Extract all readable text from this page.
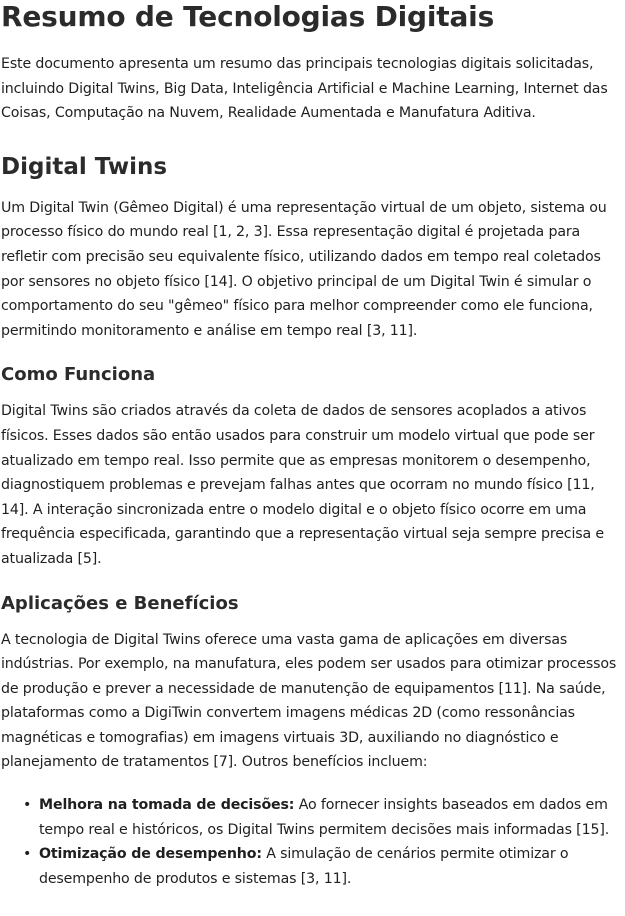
Resumo de Tecnologias Digitais

Este documento apresenta um resumo das principais tecnologias digitais solicitadas, incluindo Digital Twins, Big Data, Inteligência Artificial e Machine Learning, Internet das Coisas, Computação na Nuvem, Realidade Aumentada e Manufatura Aditiva.

Digital Twins

Um Digital Twin (Gêmeo Digital) é uma representação virtual de um objeto, sistema ou processo físico do mundo real [1, 2, 3]. Essa representação digital é projetada para refletir com precisão seu equivalente físico, utilizando dados em tempo real coletados por sensores no objeto físico [14]. O objetivo principal de um Digital Twin é simular o comportamento do seu "gêmeo" físico para melhor compreender como ele funciona, permitindo monitoramento e análise em tempo real [3, 11].

Como Funciona

Digital Twins são criados através da coleta de dados de sensores acoplados a ativos físicos. Esses dados são então usados para construir um modelo virtual que pode ser atualizado em tempo real. Isso permite que as empresas monitorem o desempenho, diagnostiquem problemas e prevejam falhas antes que ocorram no mundo físico [11, 14]. A interação sincronizada entre o modelo digital e o objeto físico ocorre em uma frequência especificada, garantindo que a representação virtual seja sempre precisa e atualizada [5].

Aplicações e Benefícios

A tecnologia de Digital Twins oferece uma vasta gama de aplicações em diversas indústrias. Por exemplo, na manufatura, eles podem ser usados para otimizar processos de produção e prever a necessidade de manutenção de equipamentos [11]. Na saúde, plataformas como a DigiTwin convertem imagens médicas 2D (como ressonâncias magnéticas e tomografias) em imagens virtuais 3D, auxiliando no diagnóstico e planejamento de tratamentos [7]. Outros benefícios incluem:

• Melhora na tomada de decisões: Ao fornecer insights baseados em dados em tempo real e históricos, os Digital Twins permitem decisões mais informadas [15].
• Otimização de desempenho: A simulação de cenários permite otimizar o desempenho de produtos e sistemas [3, 11].
